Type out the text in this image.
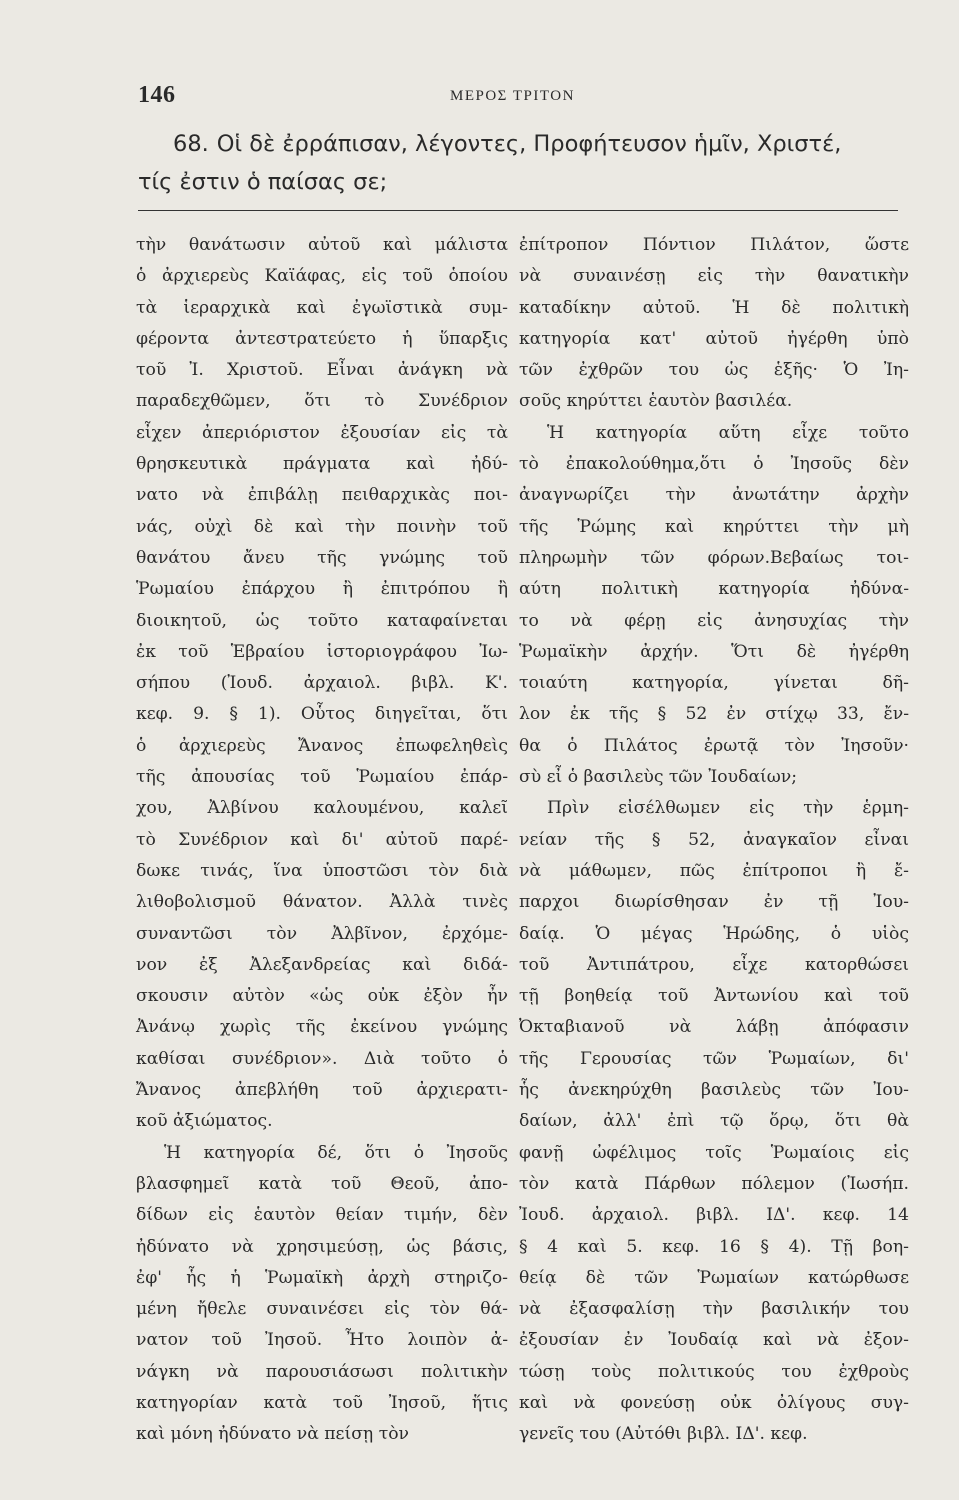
146	ΜΕΡΟΣ ΤΡΙΤΟΝ
68. Οἱ δὲ ἐρράπισαν, λέγοντες, Προφήτευσον ἡμῖν, Χριστέ,
τίς ἐστιν ὁ παίσας σε;
τὴν θανάτωσιν αὐτοῦ καὶ μάλιστα
ὁ ἀρχιερεὺς Καϊάφας, εἰς τοῦ ὁποίου
τὰ ἱεραρχικὰ καὶ ἐγωϊστικὰ συμ-
φέροντα ἀντεστρατεύετο ἡ ὕπαρξις
τοῦ Ἰ. Χριστοῦ. Εἶναι ἀνάγκη νὰ
παραδεχθῶμεν, ὅτι τὸ Συνέδριον
εἶχεν ἀπεριόριστον ἐξουσίαν εἰς τὰ
θρησκευτικὰ πράγματα καὶ ἠδύ-
νατο νὰ ἐπιβάλῃ πειθαρχικὰς ποι-
νάς, οὐχὶ δὲ καὶ τὴν ποινὴν τοῦ
θανάτου ἄνευ τῆς γνώμης τοῦ
Ῥωμαίου ἐπάρχου ἢ ἐπιτρόπου ἢ
διοικητοῦ, ὡς τοῦτο καταφαίνεται
ἐκ τοῦ Ἑβραίου ἱστοριογράφου Ἰω-
σήπου (Ἰουδ. ἀρχαιολ. βιβλ. Κ'.
κεφ. 9. § 1). Οὗτος διηγεῖται, ὅτι
ὁ ἀρχιερεὺς Ἄνανος ἐπωφεληθεὶς
τῆς ἀπουσίας τοῦ Ῥωμαίου ἐπάρ-
χου, Ἀλβίνου καλουμένου, καλεῖ
τὸ Συνέδριον καὶ δι' αὐτοῦ παρέ-
δωκε τινάς, ἵνα ὑποστῶσι τὸν διὰ
λιθοβολισμοῦ θάνατον. Ἀλλὰ τινὲς
συναντῶσι τὸν Ἀλβῖνον, ἐρχόμε-
νον ἐξ Ἀλεξανδρείας καὶ διδά-
σκουσιν αὐτὸν «ὡς οὐκ ἐξὸν ἦν
Ἀνάνῳ χωρὶς τῆς ἐκείνου γνώμης
καθίσαι συνέδριον». Διὰ τοῦτο ὁ
Ἄνανος ἀπεβλήθη τοῦ ἀρχιερατι-
κοῦ ἀξιώματος.
Ἡ κατηγορία δέ, ὅτι ὁ Ἰησοῦς
βλασφημεῖ κατὰ τοῦ Θεοῦ, ἀπο-
δίδων εἰς ἑαυτὸν θείαν τιμήν, δὲν
ἠδύνατο νὰ χρησιμεύσῃ, ὡς βάσις,
ἐφ' ἧς ἡ Ῥωμαϊκὴ ἀρχὴ στηριζο-
μένη ἤθελε συναινέσει εἰς τὸν θά-
νατον τοῦ Ἰησοῦ. Ἦτο λοιπὸν ἀ-
νάγκη νὰ παρουσιάσωσι πολιτικὴν
κατηγορίαν κατὰ τοῦ Ἰησοῦ, ἥτις
καὶ μόνη ἠδύνατο νὰ πείσῃ τὸν
ἐπίτροπον Πόντιον Πιλάτον, ὥστε
νὰ συναινέσῃ εἰς τὴν θανατικὴν
καταδίκην αὐτοῦ. Ἡ δὲ πολιτικὴ
κατηγορία κατ' αὐτοῦ ἠγέρθη ὑπὸ
τῶν ἐχθρῶν του ὡς ἑξῆς· Ὁ Ἰη-
σοῦς κηρύττει ἑαυτὸν βασιλέα.
Ἡ κατηγορία αὕτη εἶχε τοῦτο
τὸ ἐπακολούθημα,ὅτι ὁ Ἰησοῦς δὲν
ἀναγνωρίζει τὴν ἀνωτάτην ἀρχὴν
τῆς Ῥώμης καὶ κηρύττει τὴν μὴ
πληρωμὴν τῶν φόρων.Βεβαίως τοι-
αύτη πολιτικὴ κατηγορία ἠδύνα-
το νὰ φέρῃ εἰς ἀνησυχίας τὴν
Ῥωμαϊκὴν ἀρχήν. Ὅτι δὲ ἠγέρθη
τοιαύτη κατηγορία, γίνεται δῆ-
λον ἐκ τῆς § 52 ἐν στίχῳ 33, ἔν-
θα ὁ Πιλάτος ἐρωτᾷ τὸν Ἰησοῦν·
σὺ εἶ ὁ βασιλεὺς τῶν Ἰουδαίων;
Πρὶν εἰσέλθωμεν εἰς τὴν ἑρμη-
νείαν τῆς § 52, ἀναγκαῖον εἶναι
νὰ μάθωμεν, πῶς ἐπίτροποι ἢ ἔ-
παρχοι διωρίσθησαν ἐν τῇ Ἰου-
δαίᾳ. Ὁ μέγας Ἡρώδης, ὁ υἱὸς
τοῦ Ἀντιπάτρου, εἶχε κατορθώσει
τῇ βοηθείᾳ τοῦ Ἀντωνίου καὶ τοῦ
Ὀκταβιανοῦ νὰ λάβῃ ἀπόφασιν
τῆς Γερουσίας τῶν Ῥωμαίων, δι'
ἧς ἀνεκηρύχθη βασιλεὺς τῶν Ἰου-
δαίων, ἀλλ' ἐπὶ τῷ ὅρῳ, ὅτι θὰ
φανῇ ὠφέλιμος τοῖς Ῥωμαίοις εἰς
τὸν κατὰ Πάρθων πόλεμον (Ἰωσήπ.
Ἰουδ. ἀρχαιολ. βιβλ. ΙΔ'. κεφ. 14
§ 4 καὶ 5. κεφ. 16 § 4). Τῇ βοη-
θείᾳ δὲ τῶν Ῥωμαίων κατώρθωσε
νὰ ἐξασφαλίσῃ τὴν βασιλικήν του
ἐξουσίαν ἐν Ἰουδαίᾳ καὶ νὰ ἐξον-
τώσῃ τοὺς πολιτικούς του ἐχθροὺς
καὶ νὰ φονεύσῃ οὐκ ὀλίγους συγ-
γενεῖς του (Αὐτόθι βιβλ. ΙΔ'. κεφ.
